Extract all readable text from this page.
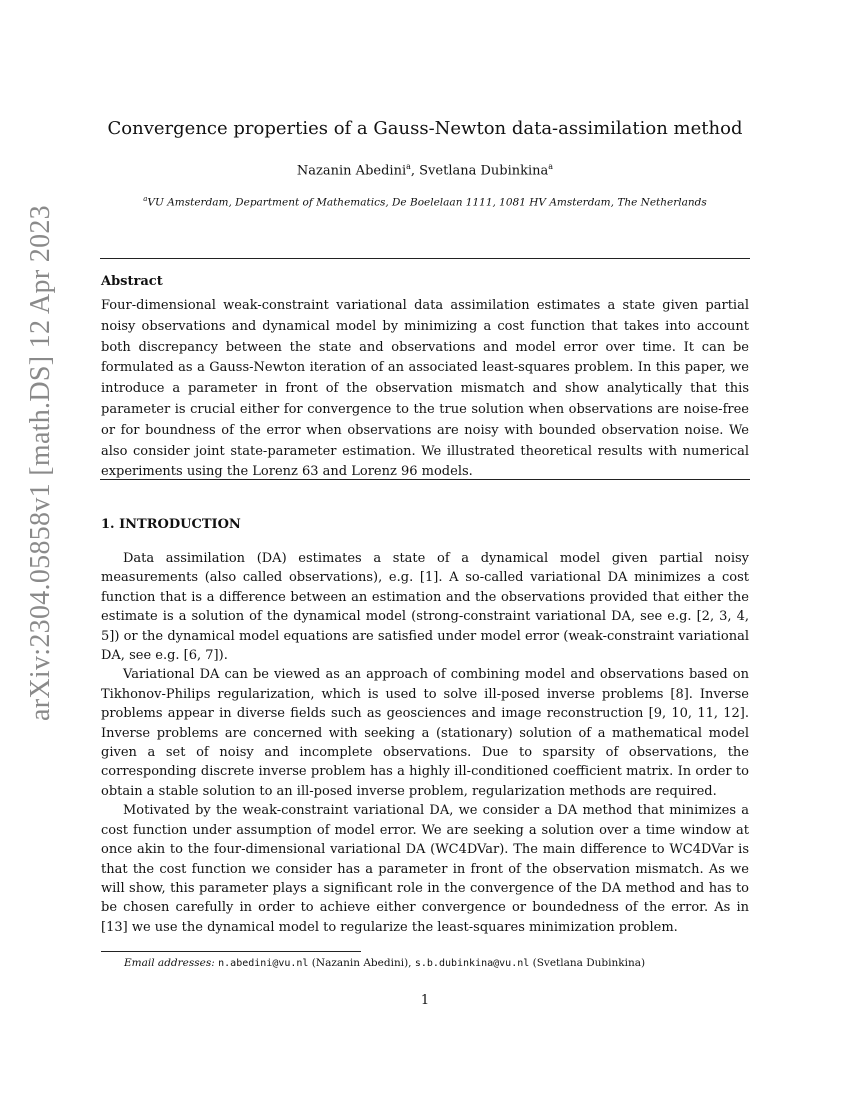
arXiv:2304.05858v1 [math.DS] 12 Apr 2023
Convergence properties of a Gauss-Newton data-assimilation method
Nazanin Abedini$^a$, Svetlana Dubinkina$^a$
$^a$VU Amsterdam, Department of Mathematics, De Boelelaan 1111, 1081 HV Amsterdam, The Netherlands
Abstract
Four-dimensional weak-constraint variational data assimilation estimates a state given partial noisy observations and dynamical model by minimizing a cost function that takes into account both discrepancy between the state and observations and model error over time. It can be formulated as a Gauss-Newton iteration of an associated least-squares problem. In this paper, we introduce a parameter in front of the observation mismatch and show analytically that this parameter is crucial either for convergence to the true solution when observations are noise-free or for boundness of the error when observations are noisy with bounded observation noise. We also consider joint state-parameter estimation. We illustrated theoretical results with numerical experiments using the Lorenz 63 and Lorenz 96 models.
1. INTRODUCTION

Data assimilation (DA) estimates a state of a dynamical model given partial noisy measurements (also called observations), e.g. [1]. A so-called variational DA minimizes a cost function that is a difference between an estimation and the observations provided that either the estimate is a solution of the dynamical model (strong-constraint variational DA, see e.g. [2, 3, 4, 5]) or the dynamical model equations are satisfied under model error (weak-constraint variational DA, see e.g. [6, 7]).

Variational DA can be viewed as an approach of combining model and observations based on Tikhonov-Philips regularization, which is used to solve ill-posed inverse problems [8]. Inverse problems appear in diverse fields such as geosciences and image reconstruction [9, 10, 11, 12]. Inverse problems are concerned with seeking a (stationary) solution of a mathematical model given a set of noisy and incomplete observations. Due to sparsity of observations, the corresponding discrete inverse problem has a highly ill-conditioned coefficient matrix. In order to obtain a stable solution to an ill-posed inverse problem, regularization methods are required.

Motivated by the weak-constraint variational DA, we consider a DA method that minimizes a cost function under assumption of model error. We are seeking a solution over a time window at once akin to the four-dimensional variational DA (WC4DVar). The main difference to WC4DVar is that the cost function we consider has a parameter in front of the observation mismatch. As we will show, this parameter plays a significant role in the convergence of the DA method and has to be chosen carefully in order to achieve either convergence or boundedness of the error. As in [13] we use the dynamical model to regularize the least-squares minimization problem.

Email addresses: n.abedini@vu.nl (Nazanin Abedini), s.b.dubinkina@vu.nl (Svetlana Dubinkina)
1
